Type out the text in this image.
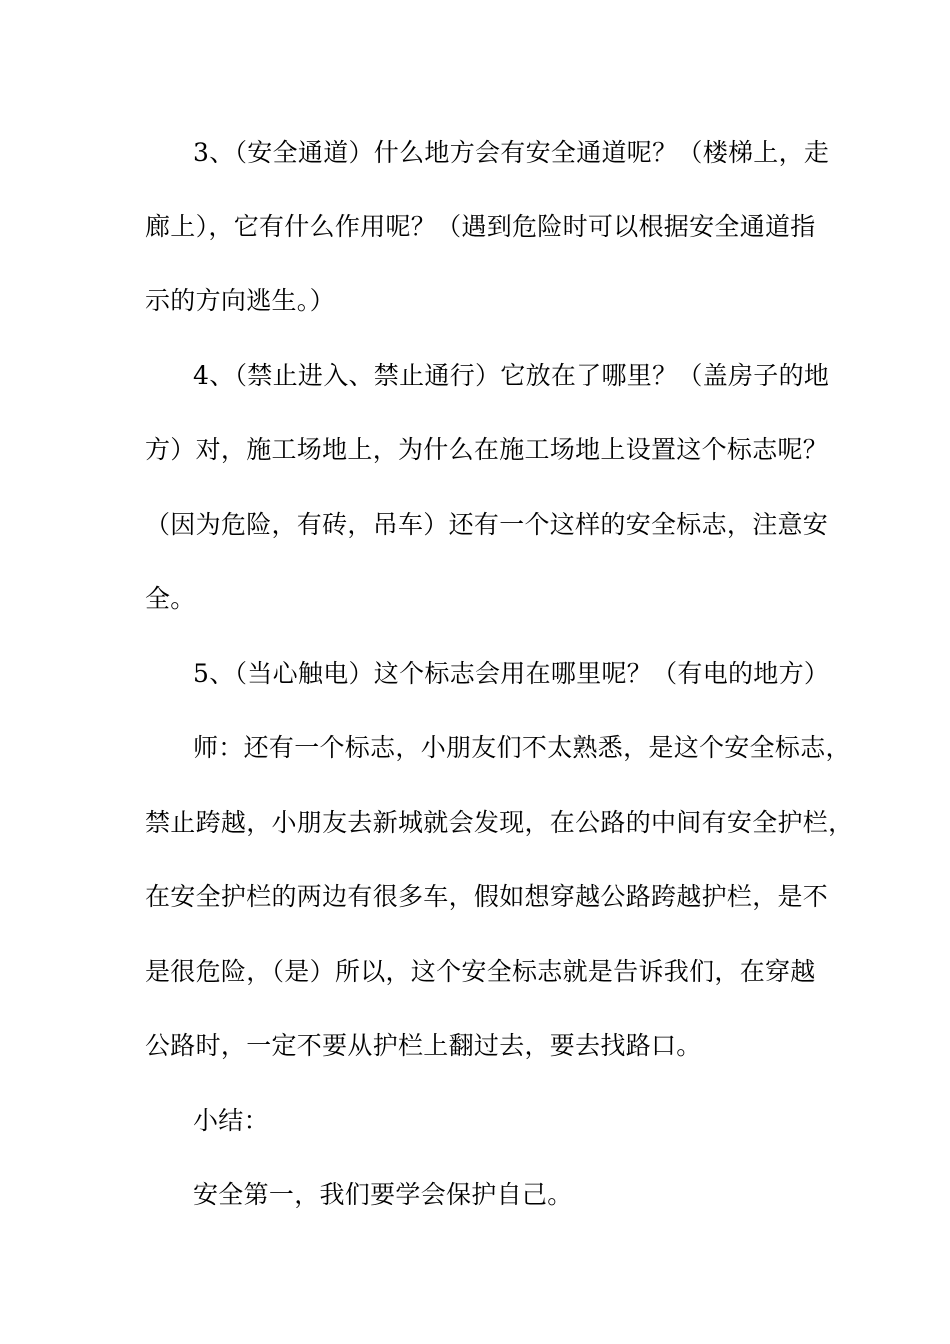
3、（安全通道）什么地方会有安全通道呢？（楼梯上，走
廊上），它有什么作用呢？（遇到危险时可以根据安全通道指
示的方向逃生。）
4、（禁止进入、禁止通行）它放在了哪里？（盖房子的地
方）对，施工场地上，为什么在施工场地上设置这个标志呢？
（因为危险，有砖，吊车）还有一个这样的安全标志，注意安
全。
5、（当心触电）这个标志会用在哪里呢？（有电的地方）
师：还有一个标志，小朋友们不太熟悉，是这个安全标志，
禁止跨越，小朋友去新城就会发现，在公路的中间有安全护栏，
在安全护栏的两边有很多车，假如想穿越公路跨越护栏，是不
是很危险，（是）所以，这个安全标志就是告诉我们，在穿越
公路时，一定不要从护栏上翻过去，要去找路口。
小结：
安全第一，我们要学会保护自己。
